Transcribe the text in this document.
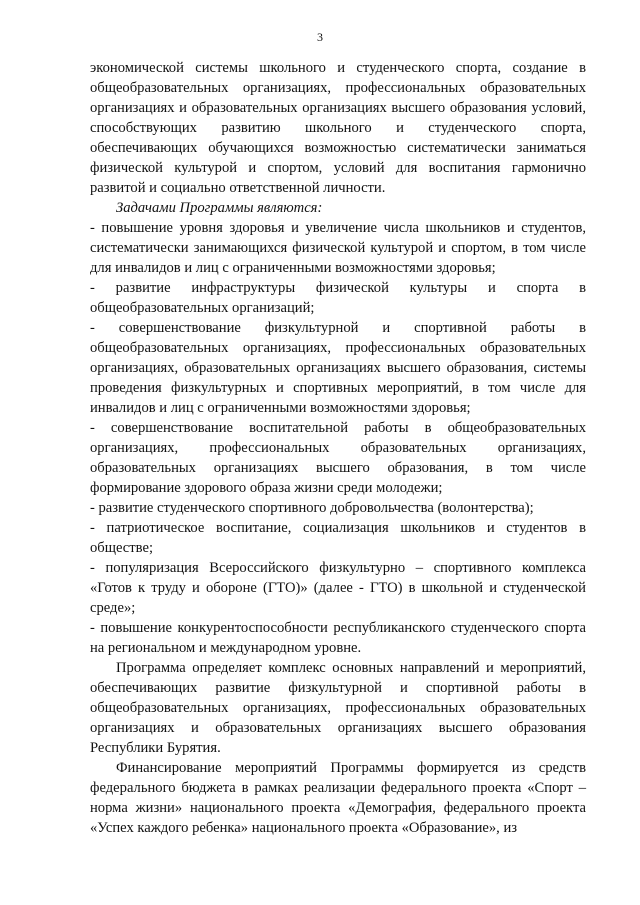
3

экономической системы школьного и студенческого спорта, создание в общеобразовательных организациях, профессиональных образовательных организациях и образовательных организациях высшего образования условий, способствующих развитию школьного и студенческого спорта, обеспечивающих обучающихся возможностью систематически заниматься физической культурой и спортом, условий для воспитания гармонично развитой и социально ответственной личности.

Задачами Программы являются:

- повышение уровня здоровья и увеличение числа школьников и студентов, систематически занимающихся физической культурой и спортом, в том числе для инвалидов и лиц с ограниченными возможностями здоровья;

- развитие инфраструктуры физической культуры и спорта в общеобразовательных организаций;

- совершенствование физкультурной и спортивной работы в общеобразовательных организациях, профессиональных образовательных организациях, образовательных организациях высшего образования, системы проведения физкультурных и спортивных мероприятий, в том числе для инвалидов и лиц с ограниченными возможностями здоровья;

- совершенствование воспитательной работы в общеобразовательных организациях, профессиональных образовательных организациях, образовательных организациях высшего образования, в том числе формирование здорового образа жизни среди молодежи;

- развитие студенческого спортивного добровольчества (волонтерства);

- патриотическое воспитание, социализация школьников и студентов в обществе;

- популяризация Всероссийского физкультурно – спортивного комплекса «Готов к труду и обороне (ГТО)» (далее - ГТО) в школьной и студенческой среде»;

- повышение конкурентоспособности республиканского студенческого спорта на региональном и международном уровне.

Программа определяет комплекс основных направлений и мероприятий, обеспечивающих развитие физкультурной и спортивной работы в общеобразовательных организациях, профессиональных образовательных организациях и образовательных организациях высшего образования Республики Бурятия.

Финансирование мероприятий Программы формируется из средств федерального бюджета в рамках реализации федерального проекта «Спорт – норма жизни» национального проекта «Демография, федерального проекта «Успех каждого ребенка» национального проекта «Образование», из
